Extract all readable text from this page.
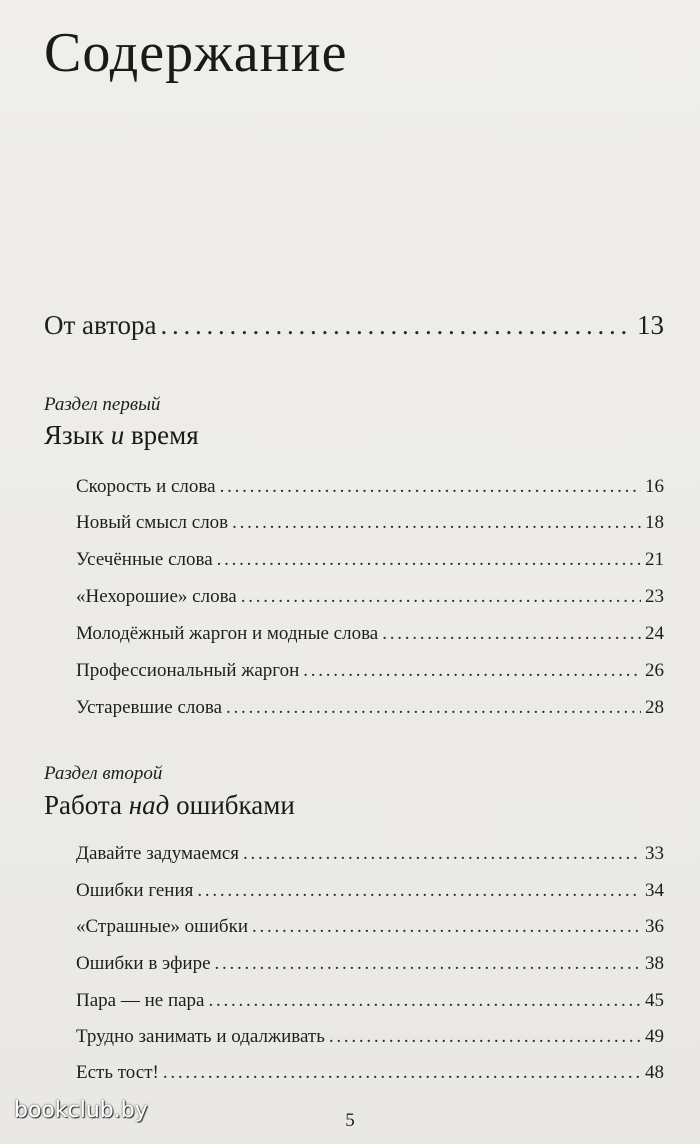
Содержание
От автора . . .	13
Раздел первый
Язык и время
Скорость и слова . . .	16
Новый смысл слов . . .	18
Усечённые слова . . .	21
«Нехорошие» слова . . .	23
Молодёжный жаргон и модные слова . . .	24
Профессиональный жаргон . . .	26
Устаревшие слова . . .	28
Раздел второй
Работа над ошибками
Давайте задумаемся . . .	33
Ошибки гения . . .	34
«Страшные» ошибки . . .	36
Ошибки в эфире . . .	38
Пара — не пара . . .	45
Трудно занимать и одалживать . . .	49
Есть тост! . . .	48
5
bookclub.by
